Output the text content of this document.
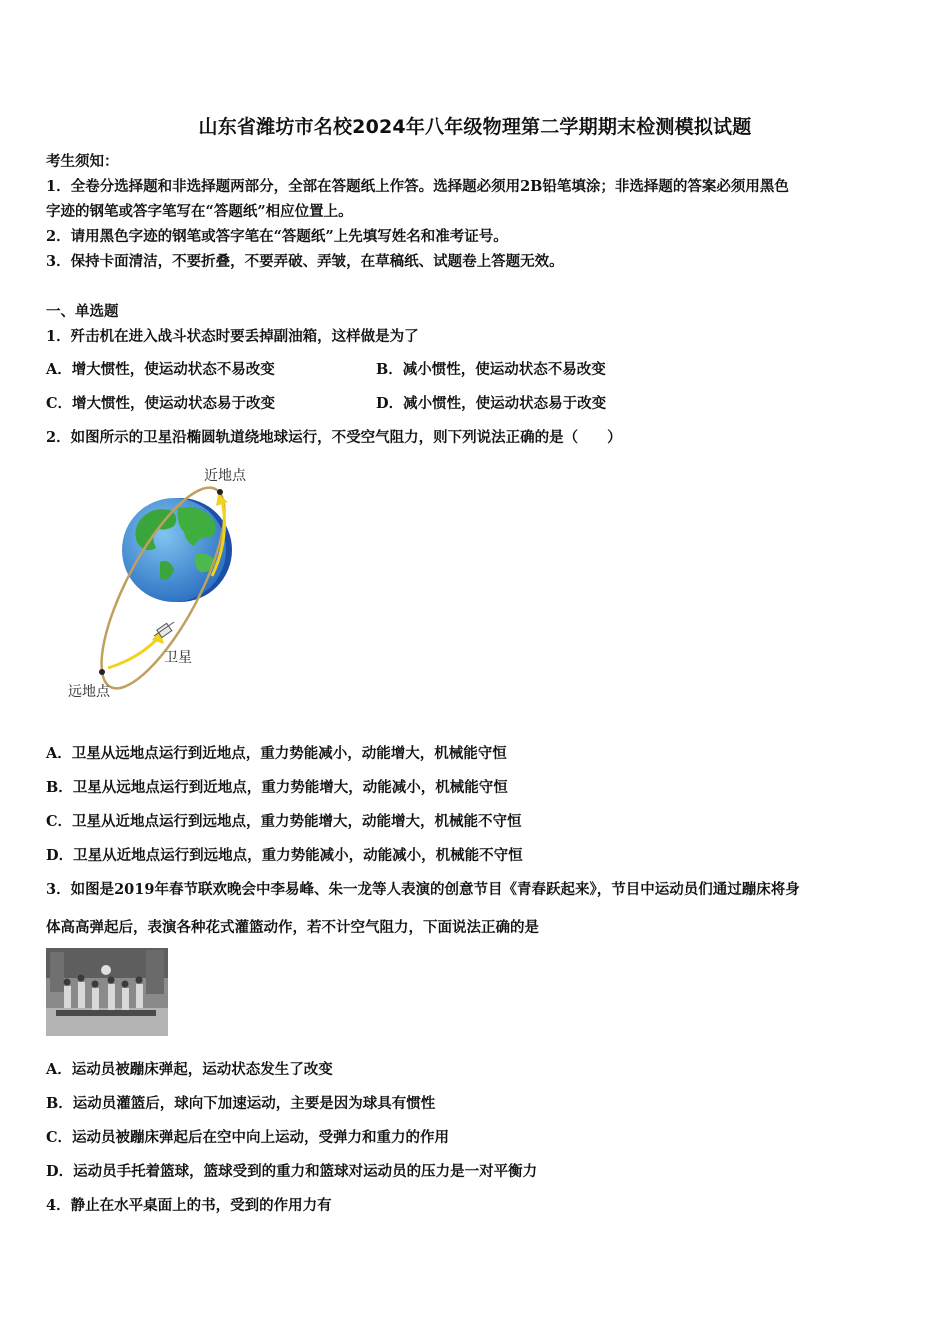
山东省潍坊市名校2024年八年级物理第二学期期末检测模拟试题
考生须知：
1．全卷分选择题和非选择题两部分，全部在答题纸上作答。选择题必须用2B铅笔填涂；非选择题的答案必须用黑色
字迹的钢笔或答字笔写在“答题纸”相应位置上。
2．请用黑色字迹的钢笔或答字笔在“答题纸”上先填写姓名和准考证号。
3．保持卡面清洁，不要折叠，不要弄破、弄皱，在草稿纸、试题卷上答题无效。
一、单选题
1．歼击机在进入战斗状态时要丢掉副油箱，这样做是为了
A．增大惯性，使运动状态不易改变	B．减小惯性，使运动状态不易改变
C．增大惯性，使运动状态易于改变	D．减小惯性，使运动状态易于改变
2．如图所示的卫星沿椭圆轨道绕地球运行，不受空气阻力，则下列说法正确的是（　　）
近地点
卫星
远地点
A．卫星从远地点运行到近地点，重力势能减小，动能增大，机械能守恒
B．卫星从远地点运行到近地点，重力势能增大，动能减小，机械能守恒
C．卫星从近地点运行到远地点，重力势能增大，动能增大，机械能不守恒
D．卫星从近地点运行到远地点，重力势能减小，动能减小，机械能不守恒
3．如图是2019年春节联欢晚会中李易峰、朱一龙等人表演的创意节目《青春跃起来》，节目中运动员们通过蹦床将身
体高高弹起后，表演各种花式灌篮动作，若不计空气阻力，下面说法正确的是
A．运动员被蹦床弹起，运动状态发生了改变
B．运动员灌篮后，球向下加速运动，主要是因为球具有惯性
C．运动员被蹦床弹起后在空中向上运动，受弹力和重力的作用
D．运动员手托着篮球，篮球受到的重力和篮球对运动员的压力是一对平衡力
4．静止在水平桌面上的书，受到的作用力有
